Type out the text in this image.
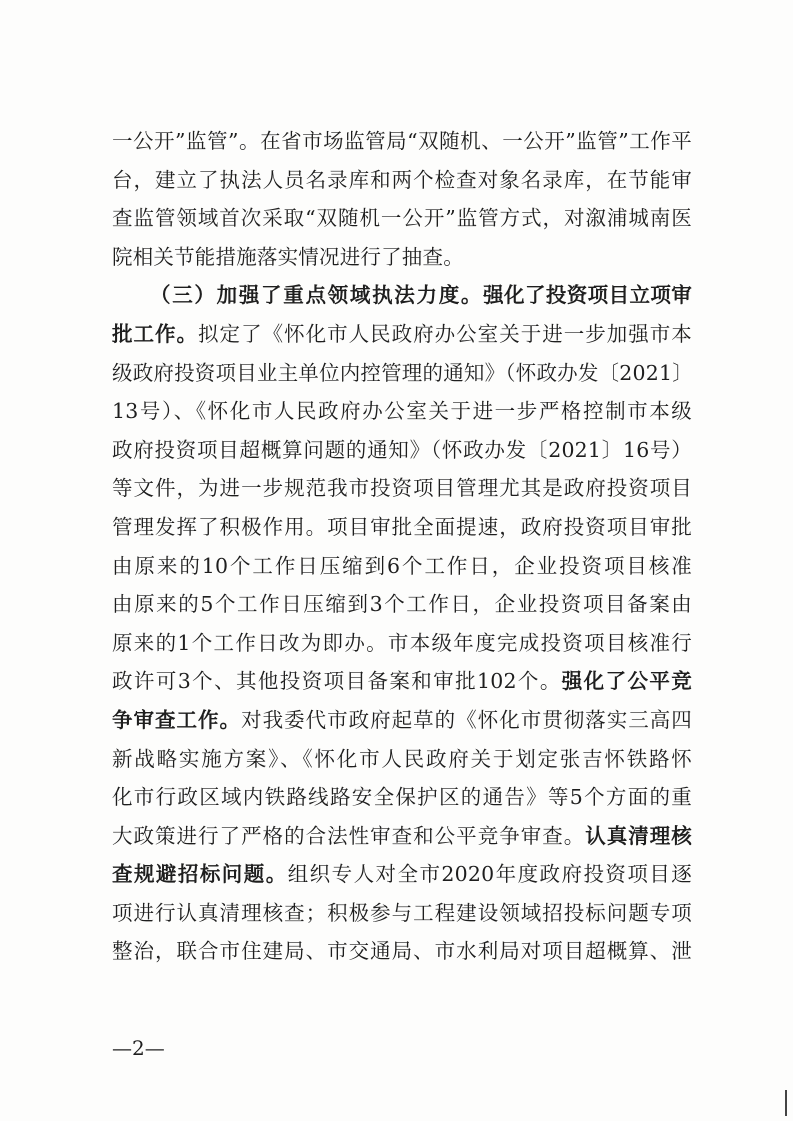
一公开”监管”。在省市场监管局“双随机、一公开”监管”工作平
台，建立了执法人员名录库和两个检查对象名录库，在节能审
查监管领域首次采取“双随机一公开”监管方式，对溆浦城南医
院相关节能措施落实情况进行了抽查。
（三）加强了重点领域执法力度。强化了投资项目立项审
批工作。拟定了《怀化市人民政府办公室关于进一步加强市本
级政府投资项目业主单位内控管理的通知》（怀政办发〔2021〕
13号）、《怀化市人民政府办公室关于进一步严格控制市本级
政府投资项目超概算问题的通知》（怀政办发〔2021〕16号）
等文件，为进一步规范我市投资项目管理尤其是政府投资项目
管理发挥了积极作用。项目审批全面提速，政府投资项目审批
由原来的10个工作日压缩到6个工作日，企业投资项目核准
由原来的5个工作日压缩到3个工作日，企业投资项目备案由
原来的1个工作日改为即办。市本级年度完成投资项目核准行
政许可3个、其他投资项目备案和审批102个。强化了公平竞
争审查工作。对我委代市政府起草的《怀化市贯彻落实三高四
新战略实施方案》、《怀化市人民政府关于划定张吉怀铁路怀
化市行政区域内铁路线路安全保护区的通告》等5个方面的重
大政策进行了严格的合法性审查和公平竞争审查。认真清理核
查规避招标问题。组织专人对全市2020年度政府投资项目逐
项进行认真清理核查；积极参与工程建设领域招投标问题专项
整治，联合市住建局、市交通局、市水利局对项目超概算、泄
—2—
